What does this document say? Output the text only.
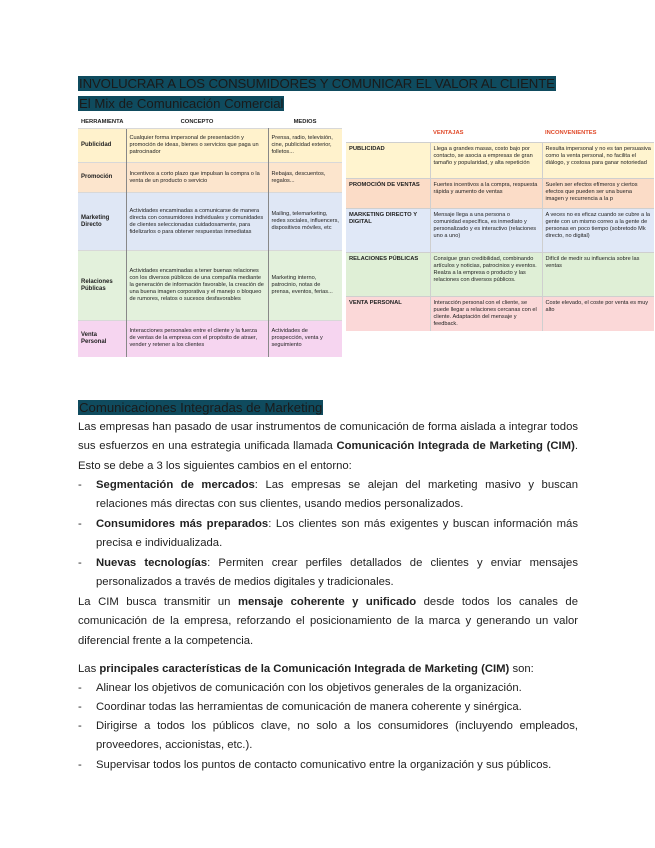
INVOLUCRAR A LOS CONSUMIDORES Y COMUNICAR EL VALOR AL CLIENTE
El Mix de Comunicación Comercial
HERRAMIENTA	CONCEPTO	MEDIOS
Publicidad	Cualquier forma impersonal de presentación y promoción de ideas, bienes o servicios que paga un patrocinador	Prensa, radio, televisión, cine, publicidad exterior, folletos...
Promoción	Incentivos a corto plazo que impulsan la compra o la venta de un producto o servicio	Rebajas, descuentos, regalos...
Marketing Directo	Actividades encaminadas a comunicarse de manera directa con consumidores individuales y comunidades de clientes seleccionadas cuidadosamente, para fidelizarlos o para obtener respuestas inmediatas	Mailing, telemarketing, redes sociales, influencers, dispositivos móviles, etc
Relaciones Públicas	Actividades encaminadas a tener buenas relaciones con los diversos públicos de una compañía mediante la generación de información favorable, la creación de una buena imagen corporativa y el manejo o bloqueo de rumores, relatos o sucesos desfavorables	Marketing interno, patrocinio, notas de prensa, eventos, ferias...
Venta Personal	Interacciones personales entre el cliente y la fuerza de ventas de la empresa con el propósito de atraer, vender y retener a los clientes	Actividades de prospección, venta y seguimiento
	VENTAJAS	INCONVENIENTES
PUBLICIDAD	Llega a grandes masas, costo bajo por contacto, se asocia a empresas de gran tamaño y popularidad, y alta repetición	Resulta impersonal y no es tan persuasiva como la venta personal, no facilita el diálogo, y costosa para ganar notoriedad
PROMOCIÓN DE VENTAS	Fuertes incentivos a la compra, respuesta rápida y aumento de ventas	Suelen ser efectos efímeros y ciertos efectos que pueden ser una buena imagen y recurrencia a la p
MARKETING DIRECTO Y DIGITAL	Mensaje llega a una persona o comunidad específica, es inmediato y personalizado y es interactivo (relaciones uno a uno)	A veces no es eficaz cuando se cubre a la gente con un mismo correo a la gente de personas en poco tiempo (sobretodo Mk directo, no digital)
RELACIONES PÚBLICAS	Consigue gran credibilidad, combinando artículos y noticias, patrocinios y eventos. Realza a la empresa o producto y las relaciones con diversos públicos.	Difícil de medir su influencia sobre las ventas
VENTA PERSONAL	Interacción personal con el cliente, se puede llegar a relaciones cercanas con el cliente. Adaptación del mensaje y feedback.	Coste elevado, el coste por venta es muy alto
Comunicaciones Integradas de Marketing
Las empresas han pasado de usar instrumentos de comunicación de forma aislada a integrar todos sus esfuerzos en una estrategia unificada llamada Comunicación Integrada de Marketing (CIM). Esto se debe a 3 los siguientes cambios en el entorno:
- Segmentación de mercados: Las empresas se alejan del marketing masivo y buscan relaciones más directas con sus clientes, usando medios personalizados.
- Consumidores más preparados: Los clientes son más exigentes y buscan información más precisa e individualizada.
- Nuevas tecnologías: Permiten crear perfiles detallados de clientes y enviar mensajes personalizados a través de medios digitales y tradicionales.
La CIM busca transmitir un mensaje coherente y unificado desde todos los canales de comunicación de la empresa, reforzando el posicionamiento de la marca y generando un valor diferencial frente a la competencia.
Las principales características de la Comunicación Integrada de Marketing (CIM) son:
- Alinear los objetivos de comunicación con los objetivos generales de la organización.
- Coordinar todas las herramientas de comunicación de manera coherente y sinérgica.
- Dirigirse a todos los públicos clave, no solo a los consumidores (incluyendo empleados, proveedores, accionistas, etc.).
- Supervisar todos los puntos de contacto comunicativo entre la organización y sus públicos.
